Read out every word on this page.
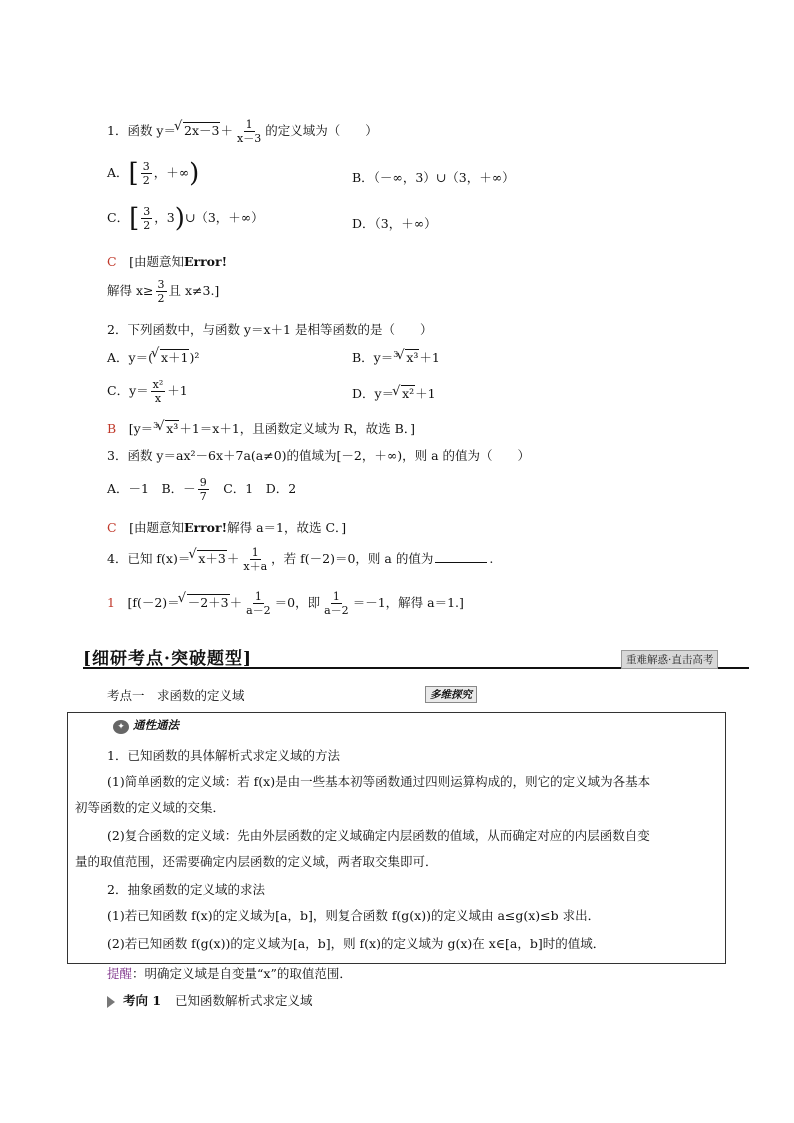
1．函数 y＝√ $2x-3+ \frac{1}{x-3}$ 的定义域为（　　）
A．[ $\frac{3}{2}$ ，＋∞)	B．（－∞，3）∪（3，＋∞）
C．[ $\frac{3}{2}$ ，3)∪（3，＋∞）	D．（3，＋∞）
C　 [由题意知Error!
解得 $x\ge \frac{3}{2}$ 且 x≠3.]
2．下列函数中，与函数 y＝x＋1 是相等函数的是（　　）
A．y＝(√ x＋1)²	B．y＝$^3$√ x³＋1
C．$y= \frac{\text{x²}}{x} +1$	D．y＝√ x²＋1
B　 [y＝$^3$√ x³＋1＝x＋1，且函数定义域为 R，故选 B．]
3．函数 y＝ax²－6x＋7a(a≠0)的值域为[－2，＋∞)，则 a 的值为（　　）
A．－1　 B．－ $\frac{9}{7}$
　 C．1　 D．2
C　 [由题意知Error!解得 a＝1，故选 C．]
4．已知 f(x)＝√ $x+3+ \frac{1}{x+a}$ ，若 f(－2)＝0，则 a 的值为	.
1　 [$f(-2)=√ -2+3+ \frac{1}{a-2} =0$，即 $\frac{1}{a-2} =-1$，解得 a＝1.]
[细研考点·突破题型]	重难解惑·直击高考
考点一　求函数的定义域	多维探究
✦ 通性通法
1．已知函数的具体解析式求定义域的方法
(1)简单函数的定义域：若 f(x)是由一些基本初等函数通过四则运算构成的，则它的定义域为各基本
初等函数的定义域的交集．
(2)复合函数的定义域：先由外层函数的定义域确定内层函数的值域，从而确定对应的内层函数自变
量的取值范围，还需要确定内层函数的定义域，两者取交集即可．
2．抽象函数的定义域的求法
(1)若已知函数 f(x)的定义域为[a，b]，则复合函数 f(g(x))的定义域由 a≤g(x)≤b 求出．
(2)若已知函数 f(g(x))的定义域为[a，b]，则 f(x)的定义域为 g(x)在 x∈[a，b]时的值域．
提醒：明确定义域是自变量“x”的取值范围．
考向 1 已知函数解析式求定义域
